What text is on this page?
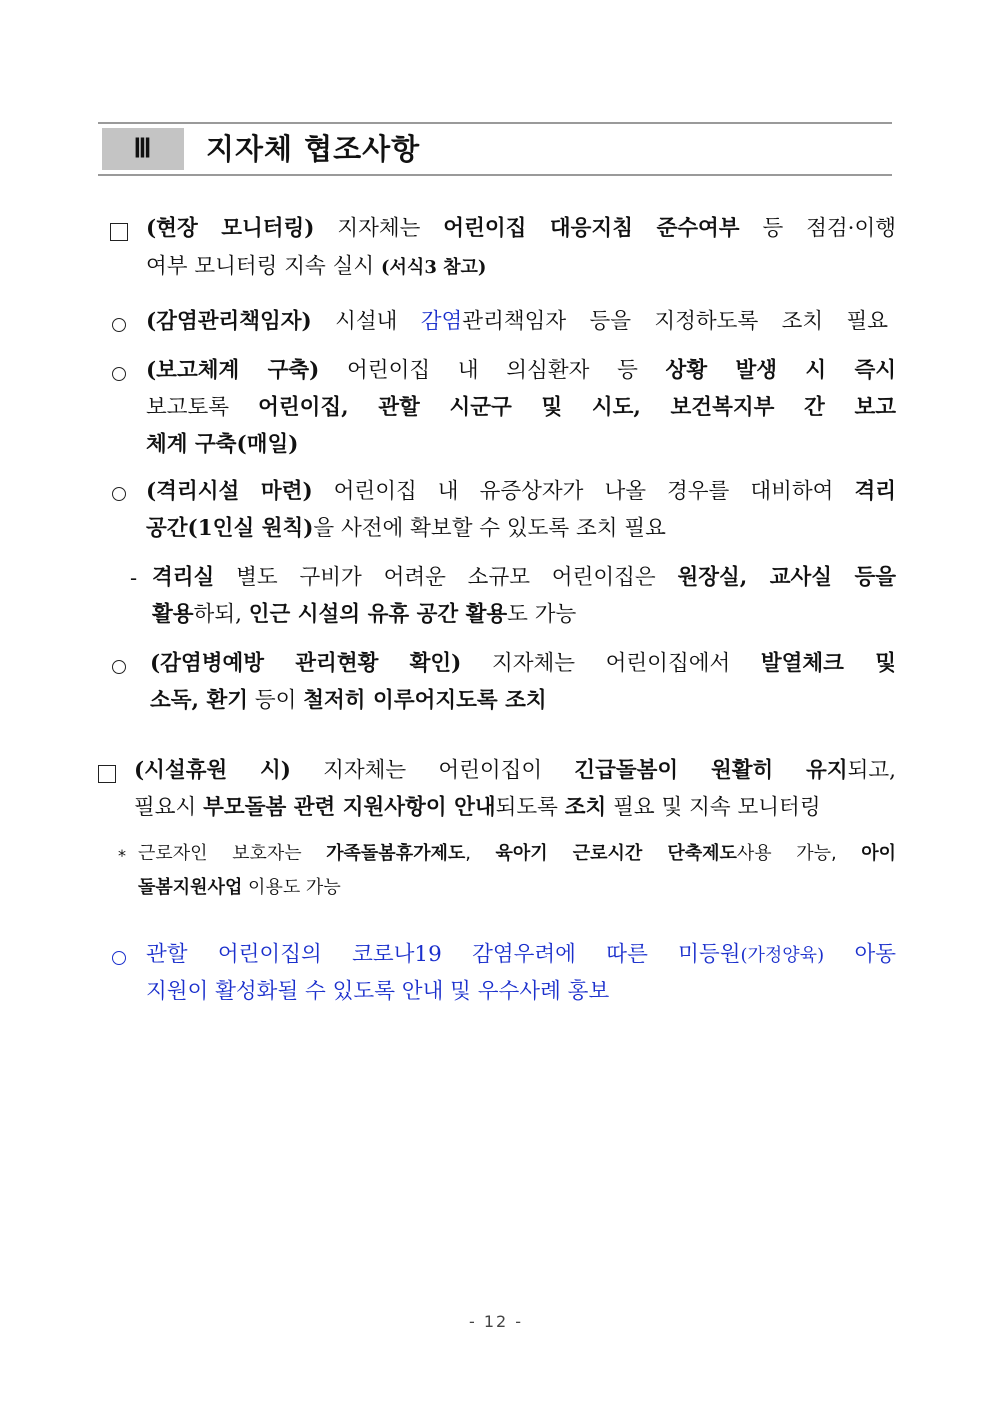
Ⅲ	지자체 협조사항
(현장 모니터링) 지자체는 어린이집 대응지침 준수여부 등 점검·이행
여부 모니터링 지속 실시 (서식3 참고)
(감염관리책임자) 시설내 감염관리책임자 등을 지정하도록 조치 필요
(보고체계 구축) 어린이집 내 의심환자 등 상황 발생 시 즉시
보고토록 어린이집, 관할 시군구 및 시도, 보건복지부 간 보고
체계 구축(매일)
(격리시설 마련) 어린이집 내 유증상자가 나올 경우를 대비하여 격리
공간(1인실 원칙)을 사전에 확보할 수 있도록 조치 필요
- 격리실 별도 구비가 어려운 소규모 어린이집은 원장실, 교사실 등을
활용하되, 인근 시설의 유휴 공간 활용도 가능
(감염병예방 관리현황 확인) 지자체는 어린이집에서 발열체크 및
소독, 환기 등이 철저히 이루어지도록 조치
(시설휴원 시) 지자체는 어린이집이 긴급돌봄이 원활히 유지되고,
필요시 부모돌봄 관련 지원사항이 안내되도록 조치 필요 및 지속 모니터링
* 근로자인 보호자는 가족돌봄휴가제도, 육아기 근로시간 단축제도사용 가능, 아이
돌봄지원사업 이용도 가능
관할 어린이집의 코로나19 감염우려에 따른 미등원(가정양육) 아동
지원이 활성화될 수 있도록 안내 및 우수사례 홍보
- 12 -
